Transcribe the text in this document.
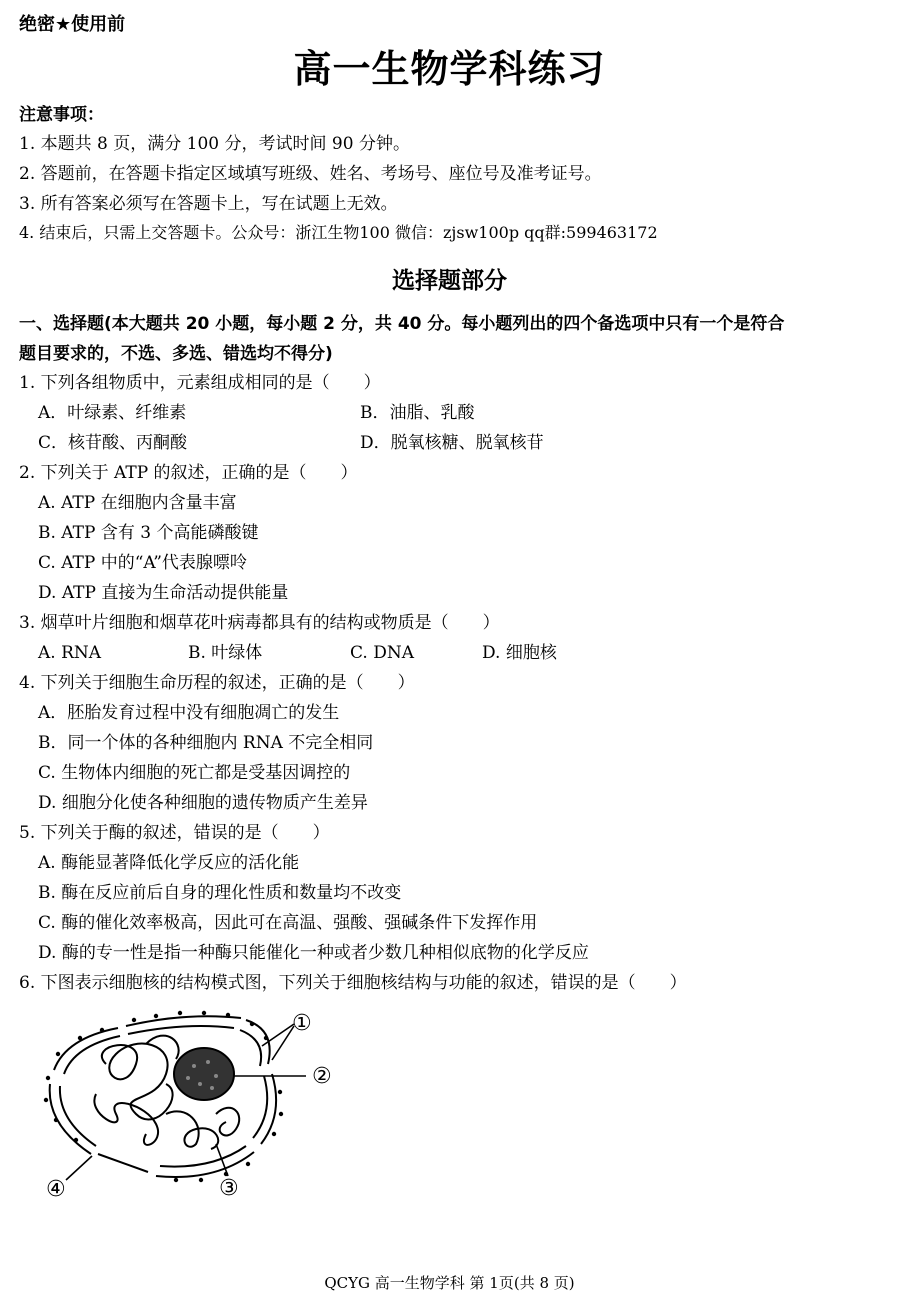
绝密★使用前
高一生物学科练习
注意事项：
1. 本题共 8 页，满分 100 分，考试时间 90 分钟。
2. 答题前，在答题卡指定区域填写班级、姓名、考场号、座位号及准考证号。
3. 所有答案必须写在答题卡上，写在试题上无效。
4. 结束后，只需上交答题卡。公众号：浙江生物100 微信：zjsw100p qq群:599463172
选择题部分
一、选择题(本大题共 20 小题，每小题 2 分，共 40 分。每小题列出的四个备选项中只有一个是符合
题目要求的，不选、多选、错选均不得分)
1. 下列各组物质中，元素组成相同的是（　　）
A．叶绿素、纤维素	B．油脂、乳酸
C．核苷酸、丙酮酸	D．脱氧核糖、脱氧核苷
2. 下列关于 ATP 的叙述，正确的是（　　）
A. ATP 在细胞内含量丰富
B. ATP 含有 3 个高能磷酸键
C. ATP 中的“A”代表腺嘌呤
D. ATP 直接为生命活动提供能量
3. 烟草叶片细胞和烟草花叶病毒都具有的结构或物质是（　　）
A. RNA	B. 叶绿体	C. DNA	D. 细胞核
4. 下列关于细胞生命历程的叙述，正确的是（　　）
A．胚胎发育过程中没有细胞凋亡的发生
B．同一个体的各种细胞内 RNA 不完全相同
C. 生物体内细胞的死亡都是受基因调控的
D. 细胞分化使各种细胞的遗传物质产生差异
5. 下列关于酶的叙述，错误的是（　　）
A. 酶能显著降低化学反应的活化能
B. 酶在反应前后自身的理化性质和数量均不改变
C. 酶的催化效率极高，因此可在高温、强酸、强碱条件下发挥作用
D. 酶的专一性是指一种酶只能催化一种或者少数几种相似底物的化学反应
6. 下图表示细胞核的结构模式图，下列关于细胞核结构与功能的叙述，错误的是（　　）
①
②
③
④
QCYG 高一生物学科 第 1页(共 8 页)
